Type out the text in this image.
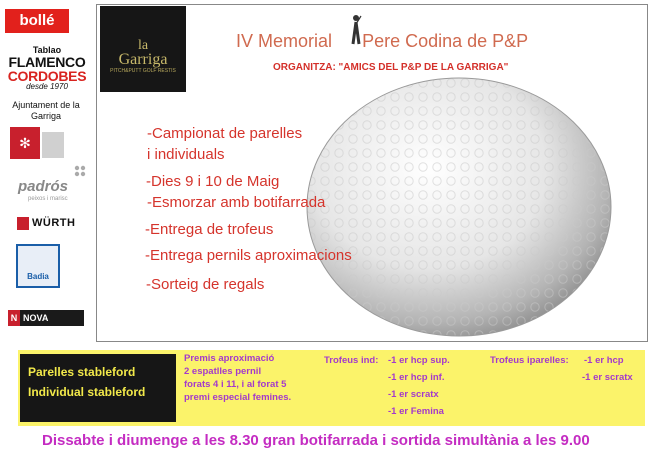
bollé
Tablao
FLAMENCO
CORDOBES
desde 1970
Ajuntament de la Garriga
✻
padrós
peixos i marisc
WÜRTH
Badia
N NOVA IMATGE
la
Garriga
PITCH&PUTT GOLF RESTIS
IV Memorial Pere Codina de P&P
ORGANITZA: "AMICS DEL P&P DE LA GARRIGA"
-Campionat de parelles
i individuals
-Dies 9 i 10 de Maig
-Esmorzar amb botifarrada
-Entrega de trofeus
-Entrega pernils aproximacions
-Sorteig de regals
Parelles stableford
Individual stableford
Premis aproximació
2 espatlles pernil
forats 4 i 11, i al forat 5
premi especial femines.
Trofeus ind: -1 er hcp sup.
-1 er hcp inf.
-1 er scratx
-1 er Femina
Trofeus iparelles: -1 er hcp
-1 er scratx
Dissabte i diumenge a les 8.30 gran botifarrada i sortida simultània a les 9.00
